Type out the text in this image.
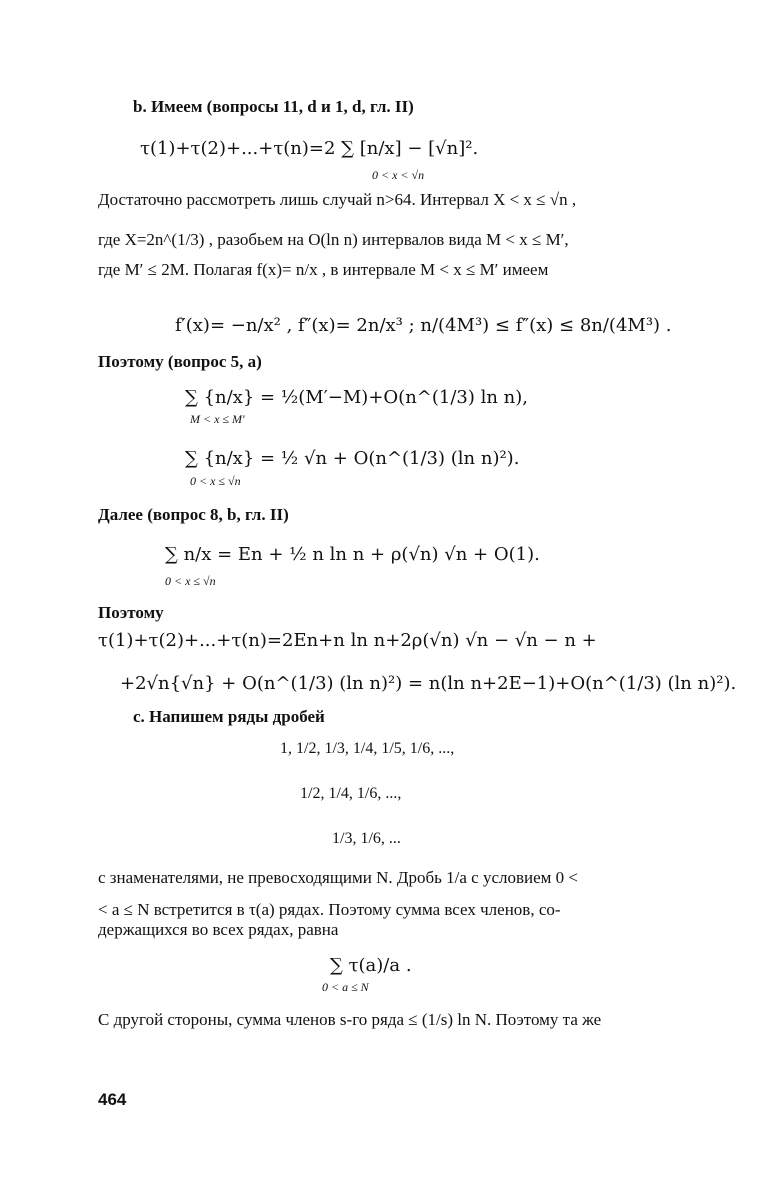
b. Имеем (вопросы 11, d и 1, d, гл. II)
τ(1)+τ(2)+...+τ(n)=2 ∑ [n/x] − [√n]².
0 < x < √n
Достаточно рассмотреть лишь случай n>64. Интервал X < x ≤ √n ,
где X=2n^(1/3) , разобьем на O(ln n) интервалов вида M < x ≤ M′,
где M′ ≤ 2M. Полагая f(x)= n/x , в интервале M < x ≤ M′ имеем
f′(x)= −n/x² , f″(x)= 2n/x³ ; n/(4M³) ≤ f″(x) ≤ 8n/(4M³) .
Поэтому (вопрос 5, a)
∑ {n/x} = ½(M′−M)+O(n^(1/3) ln n),
M < x ≤ M′
∑ {n/x} = ½ √n + O(n^(1/3) (ln n)²).
0 < x ≤ √n
Далее (вопрос 8, b, гл. II)
∑ n/x = En + ½ n ln n + ρ(√n) √n + O(1).
0 < x ≤ √n
Поэтому
τ(1)+τ(2)+...+τ(n)=2En+n ln n+2ρ(√n) √n − √n − n +
+2√n{√n} + O(n^(1/3) (ln n)²) = n(ln n+2E−1)+O(n^(1/3) (ln n)²).
c. Напишем ряды дробей
1, 1/2, 1/3, 1/4, 1/5, 1/6, ...,
1/2, 1/4, 1/6, ...,
1/3, 1/6, ...
с знаменателями, не превосходящими N. Дробь 1/a с условием 0 <
< a ≤ N встретится в τ(a) рядах. Поэтому сумма всех членов, со-
держащихся во всех рядах, равна
∑ τ(a)/a .
0 < a ≤ N
С другой стороны, сумма членов s-го ряда ≤ (1/s) ln N. Поэтому та же
464
